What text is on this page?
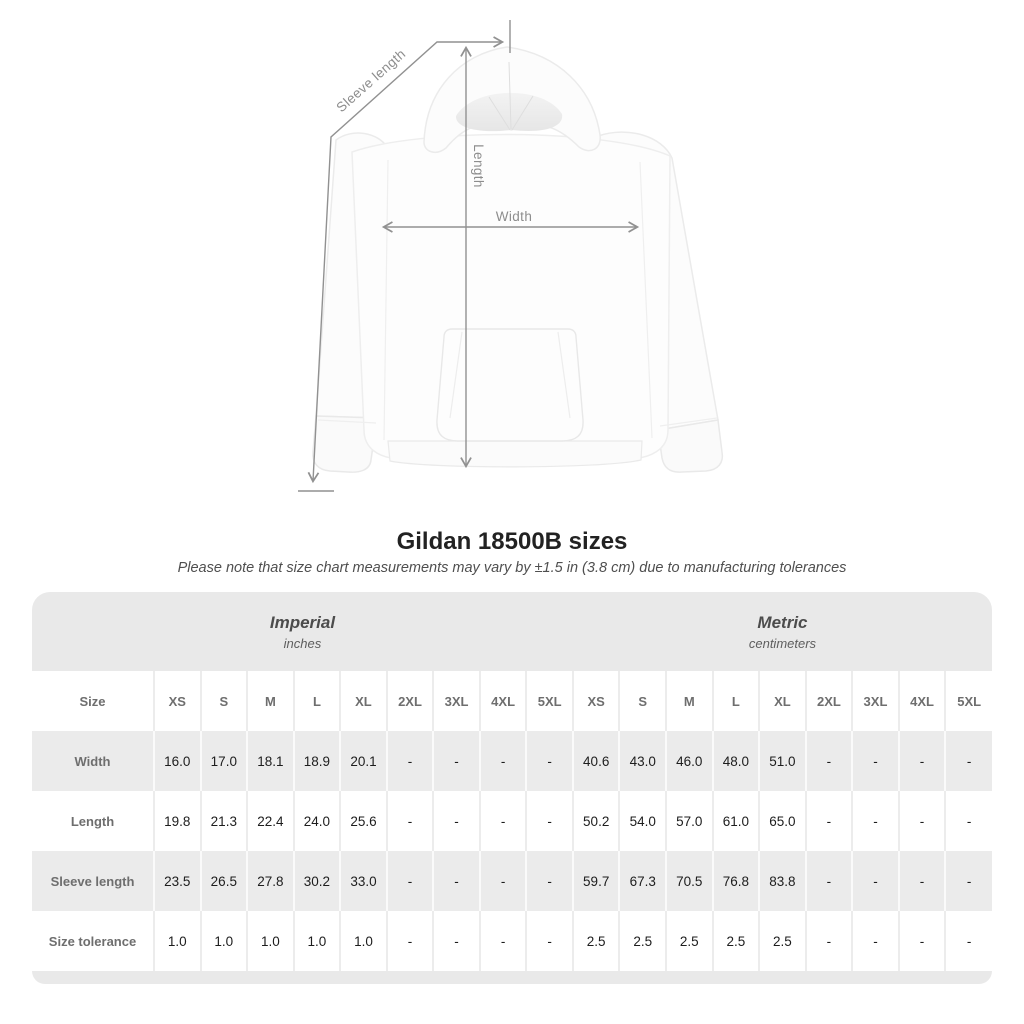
Sleeve length
Length
Width
Gildan 18500B sizes
Please note that size chart measurements may vary by ±1.5 in (3.8 cm) due to manufacturing tolerances
Imperial
inches

Metric
centimeters

Size	XS	S	M	L	XL	2XL	3XL	4XL	5XL	XS	S	M	L	XL	2XL	3XL	4XL	5XL
Width	16.0	17.0	18.1	18.9	20.1	-	-	-	-	40.6	43.0	46.0	48.0	51.0	-	-	-	-
Length	19.8	21.3	22.4	24.0	25.6	-	-	-	-	50.2	54.0	57.0	61.0	65.0	-	-	-	-
Sleeve length	23.5	26.5	27.8	30.2	33.0	-	-	-	-	59.7	67.3	70.5	76.8	83.8	-	-	-	-
Size tolerance	1.0	1.0	1.0	1.0	1.0	-	-	-	-	2.5	2.5	2.5	2.5	2.5	-	-	-	-
